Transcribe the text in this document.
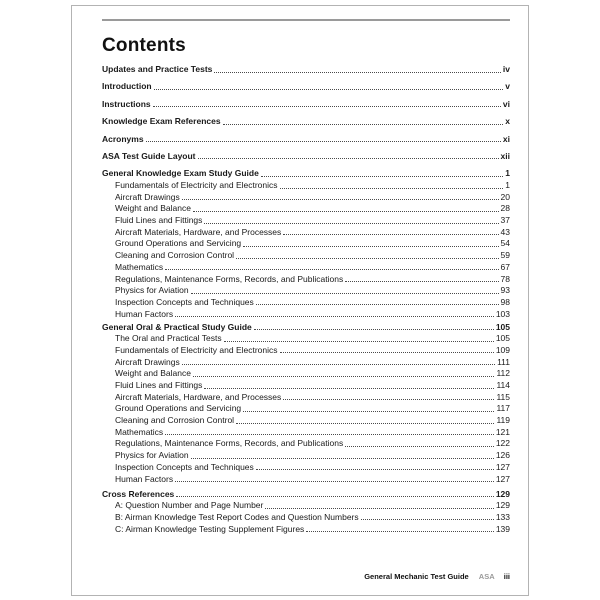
Contents
Updates and Practice Tests	iv
Introduction	v
Instructions	vi
Knowledge Exam References	x
Acronyms	xi
ASA Test Guide Layout	xii
General Knowledge Exam Study Guide	1
Fundamentals of Electricity and Electronics	1
Aircraft Drawings	20
Weight and Balance	28
Fluid Lines and Fittings	37
Aircraft Materials, Hardware, and Processes	43
Ground Operations and Servicing	54
Cleaning and Corrosion Control	59
Mathematics	67
Regulations, Maintenance Forms, Records, and Publications	78
Physics for Aviation	93
Inspection Concepts and Techniques	98
Human Factors	103
General Oral & Practical Study Guide	105
The Oral and Practical Tests	105
Fundamentals of Electricity and Electronics	109
Aircraft Drawings	111
Weight and Balance	112
Fluid Lines and Fittings	114
Aircraft Materials, Hardware, and Processes	115
Ground Operations and Servicing	117
Cleaning and Corrosion Control	119
Mathematics	121
Regulations, Maintenance Forms, Records, and Publications	122
Physics for Aviation	126
Inspection Concepts and Techniques	127
Human Factors	127
Cross References	129
A: Question Number and Page Number	129
B: Airman Knowledge Test Report Codes and Question Numbers	133
C: Airman Knowledge Testing Supplement Figures	139
General Mechanic Test Guide ASA iii
